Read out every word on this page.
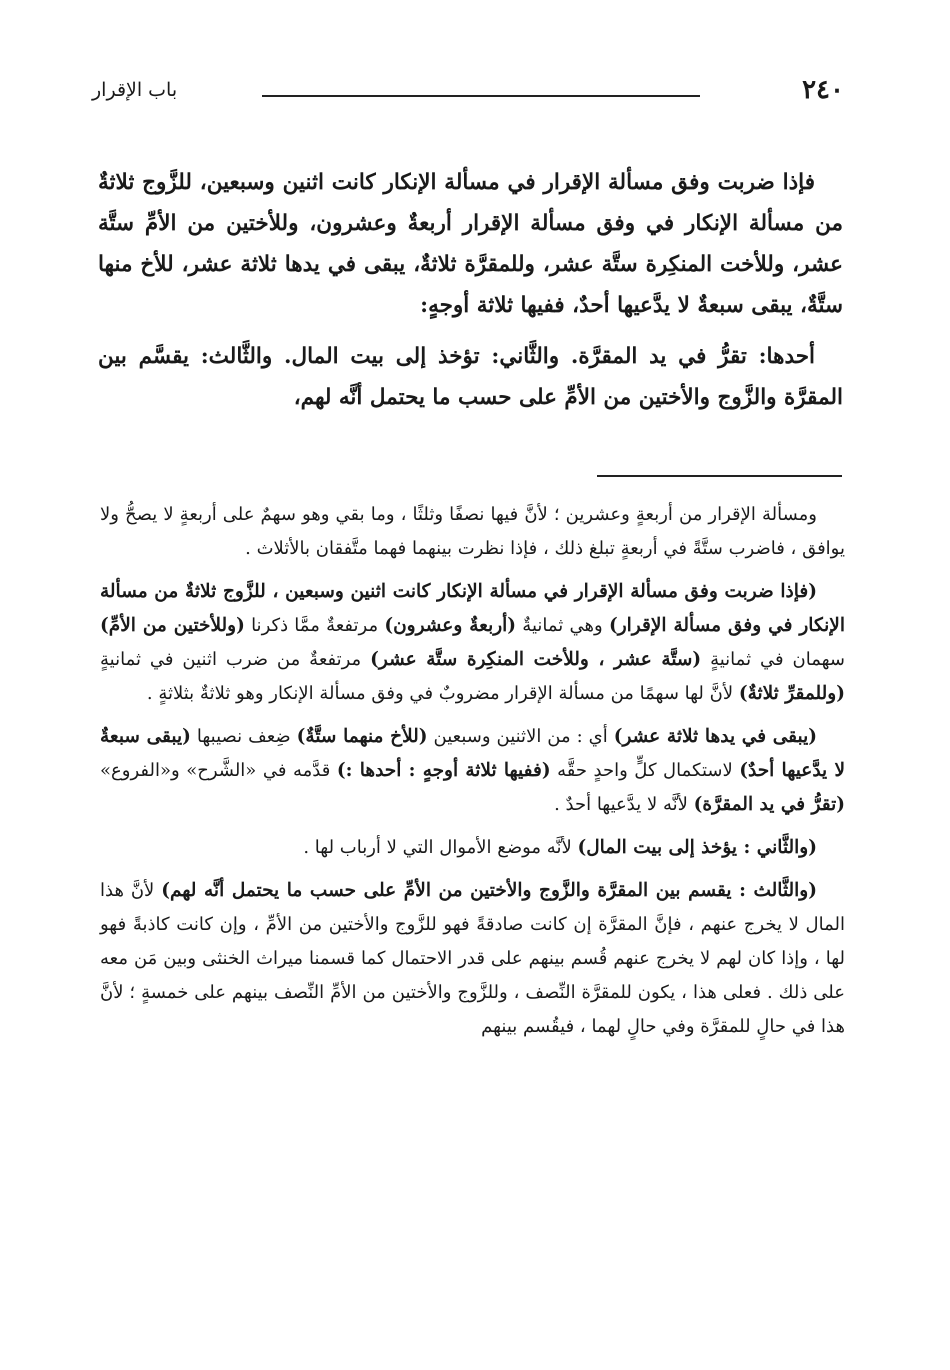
٢٤٠
باب الإقرار

فإذا ضربت وفق مسألة الإقرار في مسألة الإنكار كانت اثنين وسبعين، للزَّوج ثلاثةٌ من مسألة الإنكار في وفق مسألة الإقرار أربعةٌ وعشرون، وللأختين من الأمِّ ستَّة عشر، وللأخت المنكِرة ستَّة عشر، وللمقرَّة ثلاثةٌ، يبقى في يدها ثلاثة عشر، للأخ منها ستَّةٌ، يبقى سبعةٌ لا يدَّعيها أحدٌ، ففيها ثلاثة أوجهٍ:

أحدها: تقرُّ في يد المقرَّة. والثَّاني: تؤخذ إلى بيت المال. والثَّالث: يقسَّم بين المقرَّة والزَّوج والأختين من الأمِّ على حسب ما يحتمل أنَّه لهم،

ومسألة الإقرار من أربعةٍ وعشرين ؛ لأنَّ فيها نصفًا وثلثًا ، وما بقي وهو سهمٌ على أربعةٍ لا يصحُّ ولا يوافق ، فاضرب ستَّةً في أربعةٍ تبلغ ذلك ، فإذا نظرت بينهما فهما متَّفقان بالأثلاث .

(فإذا ضربت وفق مسألة الإقرار في مسألة الإنكار كانت اثنين وسبعين ، للزَّوج ثلاثةٌ من مسألة الإنكار في وفق مسألة الإقرار) وهي ثمانيةٌ (أربعةٌ وعشرون) مرتفعةٌ ممَّا ذكرنا (وللأختين من الأمِّ) سهمان في ثمانيةٍ (ستَّة عشر ، وللأخت المنكِرة ستَّة عشر) مرتفعةٌ من ضرب اثنين في ثمانيةٍ (وللمقرِّ ثلاثةٌ) لأنَّ لها سهمًا من مسألة الإقرار مضروبٌ في وفق مسألة الإنكار وهو ثلاثةٌ بثلاثةٍ .

(يبقى في يدها ثلاثة عشر) أي : من الاثنين وسبعين (للأخ منهما ستَّةٌ) ضِعف نصيبها (يبقى سبعةٌ لا يدَّعيها أحدٌ) لاستكمال كلٍّ واحدٍ حقَّه (ففيها ثلاثة أوجهٍ : أحدها :) قدَّمه في «الشَّرح» و«الفروع» (تقرُّ في يد المقرَّة) لأنَّه لا يدَّعيها أحدٌ .

(والثَّاني : يؤخذ إلى بيت المال) لأنَّه موضع الأموال التي لا أرباب لها .

(والثَّالث : يقسم بين المقرَّة والزَّوج والأختين من الأمِّ على حسب ما يحتمل أنَّه لهم) لأنَّ هذا المال لا يخرج عنهم ، فإنَّ المقرَّة إن كانت صادقةً فهو للزَّوج والأختين من الأمِّ ، وإن كانت كاذبةً فهو لها ، وإذا كان لهم لا يخرج عنهم قُسم بينهم على قدر الاحتمال كما قسمنا ميراث الخنثى وبين مَن معه على ذلك . فعلى هذا ، يكون للمقرَّة النِّصف ، وللزَّوج والأختين من الأمِّ النِّصف بينهم على خمسةٍ ؛ لأنَّ هذا في حالٍ للمقرَّة وفي حالٍ لهما ، فيقُسم بينهم
